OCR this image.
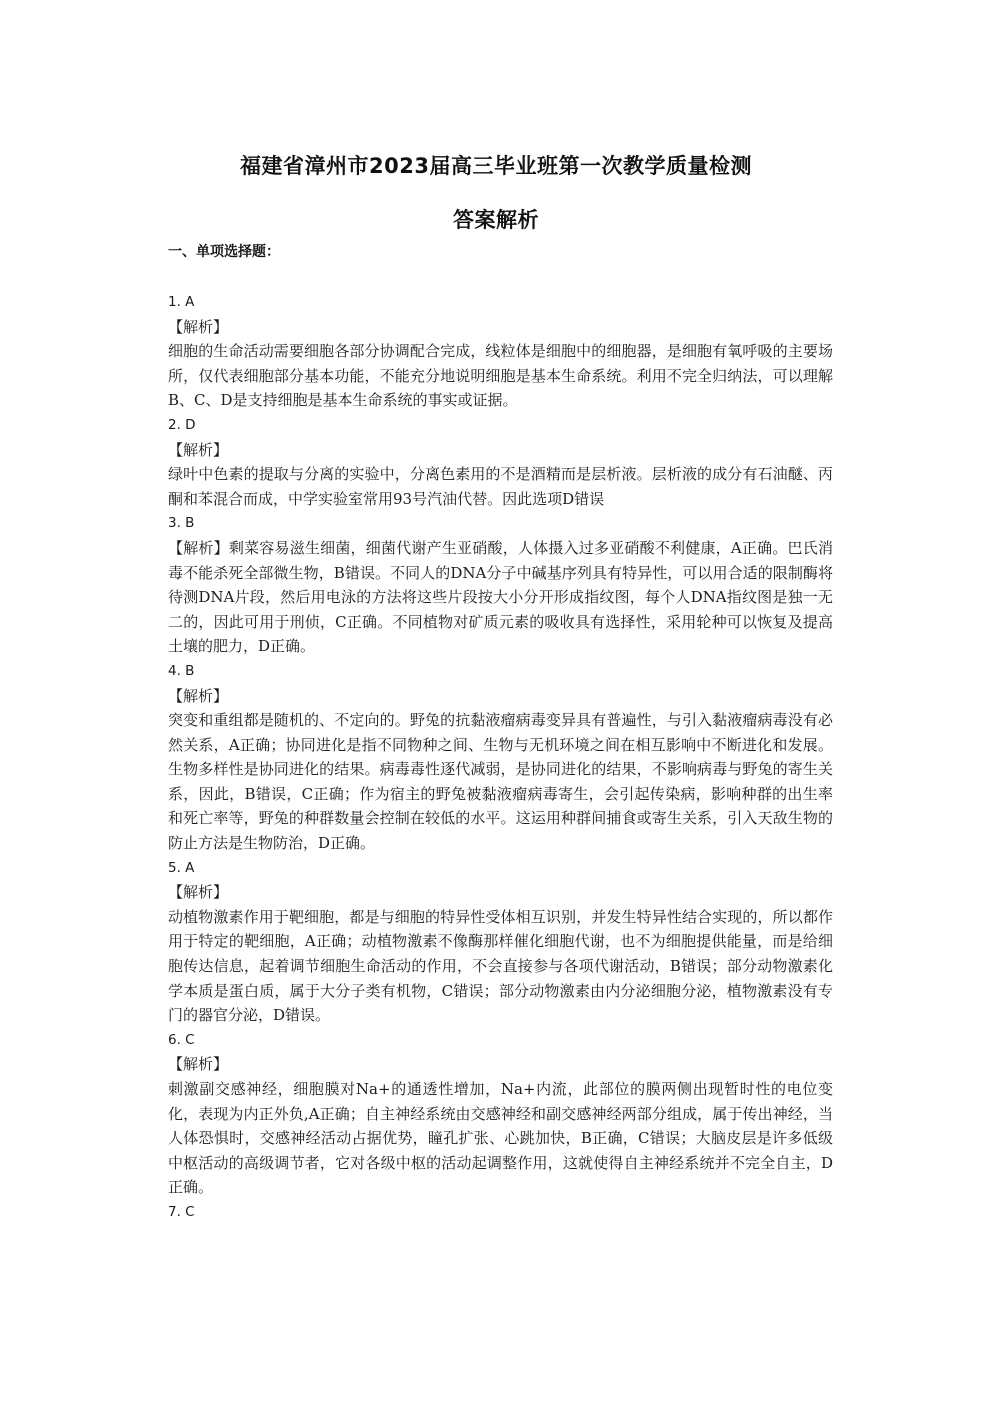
福建省漳州市2023届高三毕业班第一次教学质量检测
答案解析
一、单项选择题：
1. A
【解析】
细胞的生命活动需要细胞各部分协调配合完成，线粒体是细胞中的细胞器，是细胞有氧呼吸的主要场所，仅代表细胞部分基本功能，不能充分地说明细胞是基本生命系统。利用不完全归纳法，可以理解B、C、D是支持细胞是基本生命系统的事实或证据。
2. D
【解析】
绿叶中色素的提取与分离的实验中，分离色素用的不是酒精而是层析液。层析液的成分有石油醚、丙酮和苯混合而成，中学实验室常用93号汽油代替。因此选项D错误
3. B
【解析】剩菜容易滋生细菌，细菌代谢产生亚硝酸，人体摄入过多亚硝酸不利健康，A正确。巴氏消毒不能杀死全部微生物，B错误。不同人的DNA分子中碱基序列具有特异性，可以用合适的限制酶将待测DNA片段，然后用电泳的方法将这些片段按大小分开形成指纹图，每个人DNA指纹图是独一无二的，因此可用于刑侦，C正确。不同植物对矿质元素的吸收具有选择性，采用轮种可以恢复及提高土壤的肥力，D正确。
4. B
【解析】
突变和重组都是随机的、不定向的。野兔的抗黏液瘤病毒变异具有普遍性，与引入黏液瘤病毒没有必然关系，A正确；协同进化是指不同物种之间、生物与无机环境之间在相互影响中不断进化和发展。生物多样性是协同进化的结果。病毒毒性逐代减弱，是协同进化的结果，不影响病毒与野兔的寄生关系，因此，B错误，C正确；作为宿主的野兔被黏液瘤病毒寄生，会引起传染病，影响种群的出生率和死亡率等，野兔的种群数量会控制在较低的水平。这运用种群间捕食或寄生关系，引入天敌生物的防止方法是生物防治，D正确。
5. A
【解析】
动植物激素作用于靶细胞，都是与细胞的特异性受体相互识别，并发生特异性结合实现的，所以都作用于特定的靶细胞，A正确；动植物激素不像酶那样催化细胞代谢，也不为细胞提供能量，而是给细胞传达信息，起着调节细胞生命活动的作用，不会直接参与各项代谢活动，B错误；部分动物激素化学本质是蛋白质，属于大分子类有机物，C错误；部分动物激素由内分泌细胞分泌，植物激素没有专门的器官分泌，D错误。
6. C
【解析】
刺激副交感神经，细胞膜对Na+的通透性增加，Na+内流，此部位的膜两侧出现暂时性的电位变化，表现为内正外负,A正确；自主神经系统由交感神经和副交感神经两部分组成，属于传出神经，当人体恐惧时，交感神经活动占据优势，瞳孔扩张、心跳加快，B正确，C错误；大脑皮层是许多低级中枢活动的高级调节者，它对各级中枢的活动起调整作用，这就使得自主神经系统并不完全自主，D正确。
7. C
